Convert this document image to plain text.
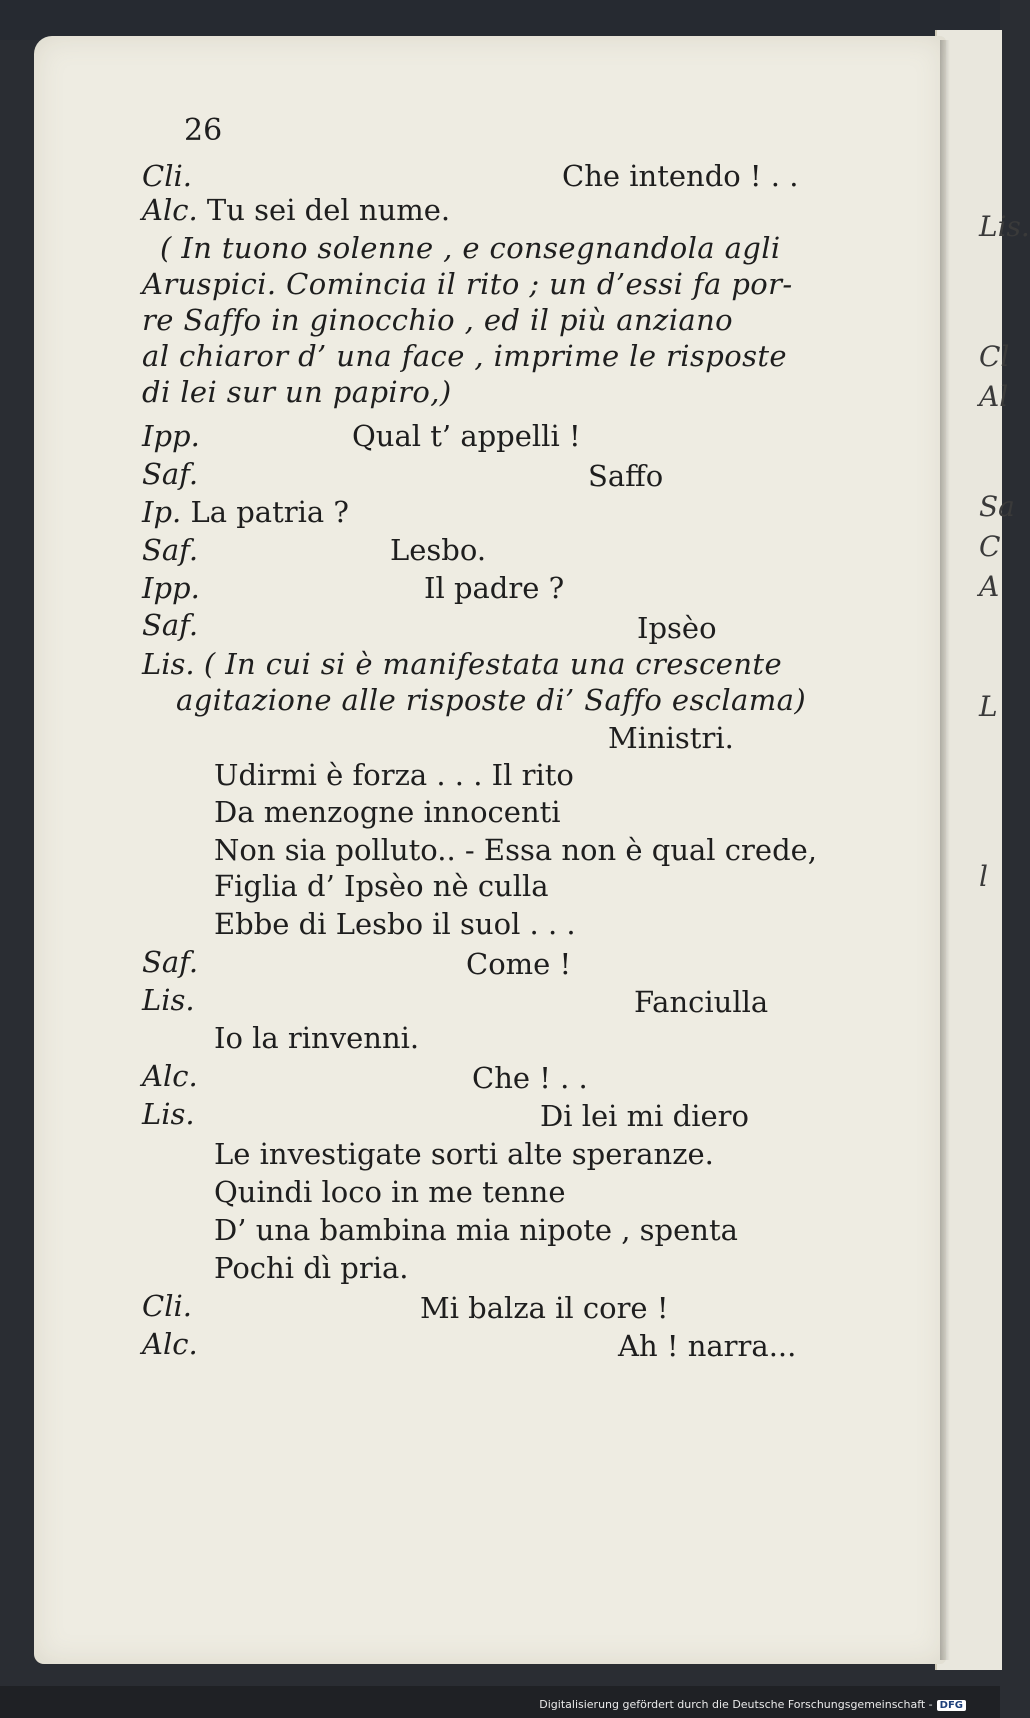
Lis.
Cl
Al
Sa
C
A
L
l
26
Cli.	Che intendo ! . .
Alc. Tu sei del nume.
( In tuono solenne , e consegnandola agli
Aruspici. Comincia il rito ; un d’essi fa por-
re Saffo in ginocchio , ed il più anziano
al chiaror d’ una face , imprime le risposte
di lei sur un papiro,)
Ipp.	Qual t’ appelli !
Saf.	Saffo
Ip. La patria ?
Saf.	Lesbo.
Ipp.	Il padre ?
Saf.	Ipsèo
Lis. ( In cui si è manifestata una crescente
agitazione alle risposte di’ Saffo esclama)
Ministri.
Udirmi è forza . . . Il rito
Da menzogne innocenti
Non sia polluto.. - Essa non è qual crede,
Figlia d’ Ipsèo nè culla
Ebbe di Lesbo il suol . . .
Saf.	Come !
Lis.	Fanciulla
Io la rinvenni.
Alc.	Che ! . .
Lis.	Di lei mi diero
Le investigate sorti alte speranze.
Quindi loco in me tenne
D’ una bambina mia nipote , spenta
Pochi dì pria.
Cli.	Mi balza il core !
Alc.	Ah ! narra...
Digitalisierung gefördert durch die Deutsche Forschungsgemeinschaft - DFG
